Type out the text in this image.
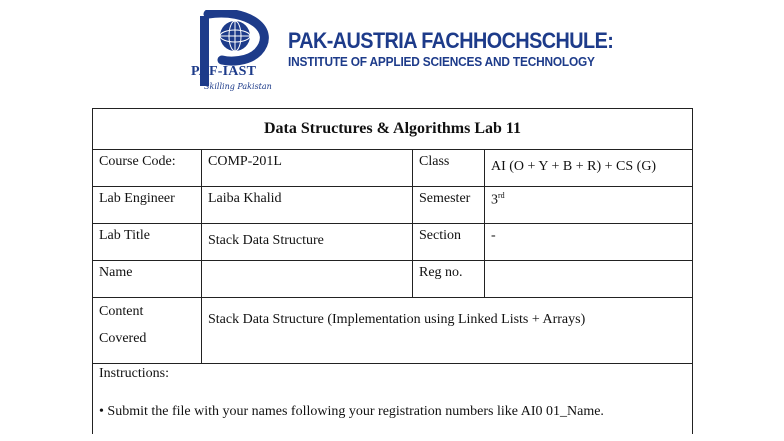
PAF-IAST
Skilling Pakistan
PAK-AUSTRIA FACHHOCHSCHULE:
INSTITUTE OF APPLIED SCIENCES AND TECHNOLOGY
Data Structures & Algorithms Lab 11			
Course Code:	COMP-201L	Class	AI (O + Y + B + R) + CS (G)
Lab Engineer	Laiba Khalid	Semester	3rd
Lab Title	Stack Data Structure	Section	-
Name		Reg no.	
Content
Covered	Stack Data Structure (Implementation using Linked Lists + Arrays)		

Instructions:
• Submit the file with your names following your registration numbers like AI0 01_Name.			
